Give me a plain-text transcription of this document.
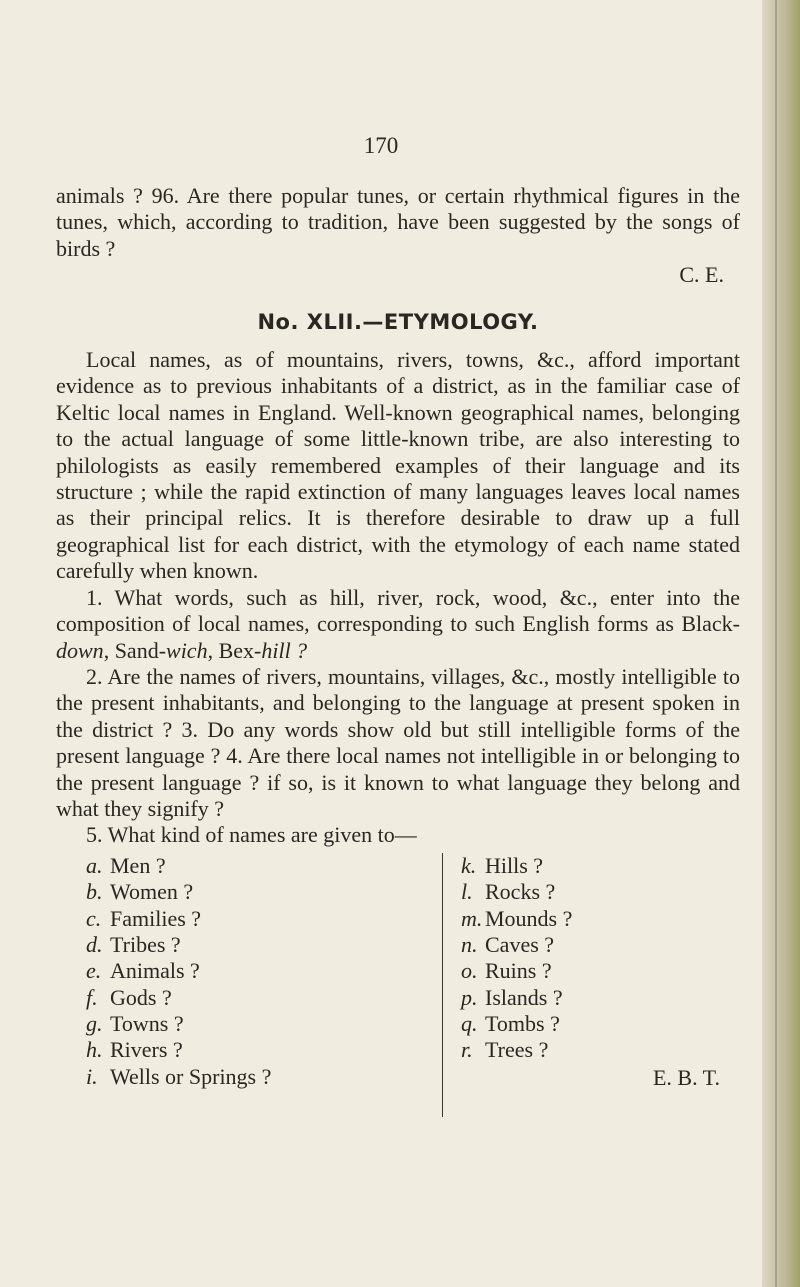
170

animals ? 96. Are there popular tunes, or certain rhythmical figures in the tunes, which, according to tradition, have been suggested by the songs of birds ?

C. E.

No. XLII.—ETYMOLOGY.

Local names, as of mountains, rivers, towns, &c., afford important evidence as to previous inhabitants of a district, as in the familiar case of Keltic local names in England. Well-known geographical names, belonging to the actual language of some little-known tribe, are also interesting to philologists as easily remembered examples of their language and its structure ; while the rapid extinction of many languages leaves local names as their principal relics. It is therefore desirable to draw up a full geographical list for each district, with the etymology of each name stated carefully when known.

1. What words, such as hill, river, rock, wood, &c., enter into the composition of local names, corresponding to such English forms as Black-down, Sand-wich, Bex-hill ?

2. Are the names of rivers, mountains, villages, &c., mostly intelligible to the present inhabitants, and belonging to the language at present spoken in the district ? 3. Do any words show old but still intelligible forms of the present language ? 4. Are there local names not intelligible in or belonging to the present language ? if so, is it known to what language they belong and what they signify ?

5. What kind of names are given to—

a. Men ?
b. Women ?
c. Families ?
d. Tribes ?
e. Animals ?
f. Gods ?
g. Towns ?
h. Rivers ?
i. Wells or Springs ?
k. Hills ?
l. Rocks ?
m. Mounds ?
n. Caves ?
o. Ruins ?
p. Islands ?
q. Tombs ?
r. Trees ?
E. B. T.
